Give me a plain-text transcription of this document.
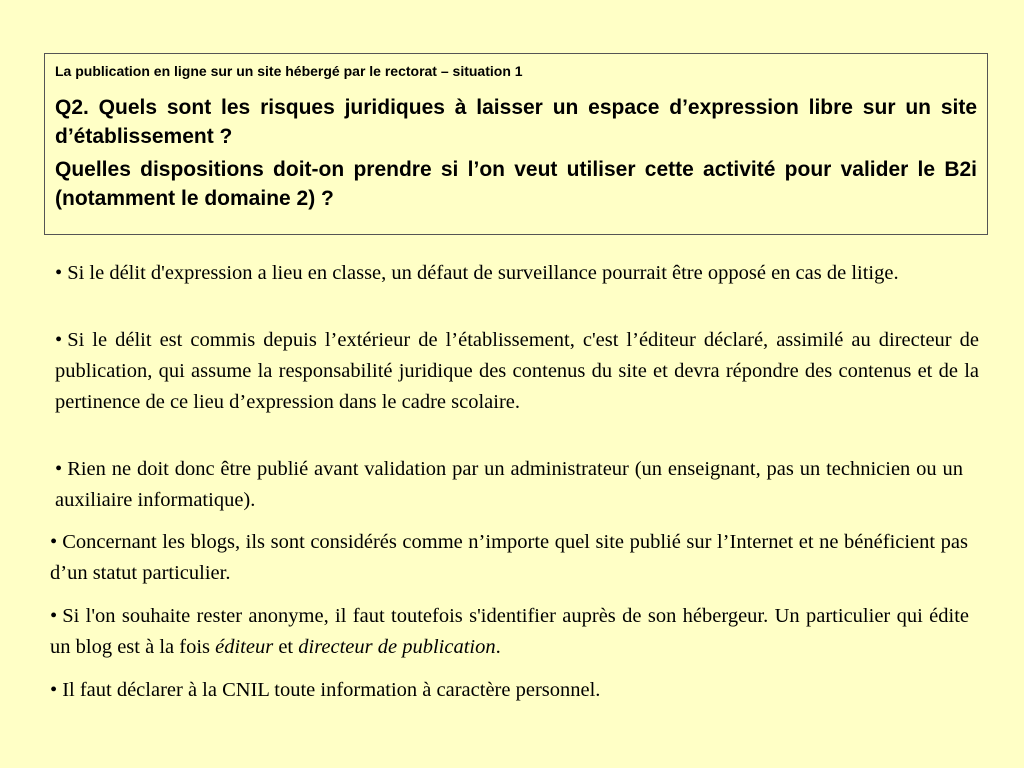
La publication en ligne sur un site hébergé par le rectorat – situation 1

Q2. Quels sont les risques juridiques à laisser un espace d’expression libre sur un site d’établissement ?

Quelles dispositions doit-on prendre si l’on veut utiliser cette activité pour valider le B2i (notamment le domaine 2) ?

• Si le délit d'expression a lieu en classe, un défaut de surveillance pourrait être opposé en cas de litige.

• Si le délit est commis depuis l’extérieur de l’établissement, c'est l’éditeur déclaré, assimilé au directeur de publication, qui assume la responsabilité juridique des contenus du site et devra répondre des contenus et de la pertinence de ce lieu d’expression dans le cadre scolaire.

• Rien ne doit donc être publié avant validation par un administrateur (un enseignant, pas un technicien ou un auxiliaire informatique).

• Concernant les blogs, ils sont considérés comme n’importe quel site publié sur l’Internet et ne bénéficient pas d’un statut particulier.

• Si l'on souhaite rester anonyme, il faut toutefois s'identifier auprès de son hébergeur. Un particulier qui édite un blog est à la fois éditeur et directeur de publication.

• Il faut déclarer à la CNIL toute information à caractère personnel.
